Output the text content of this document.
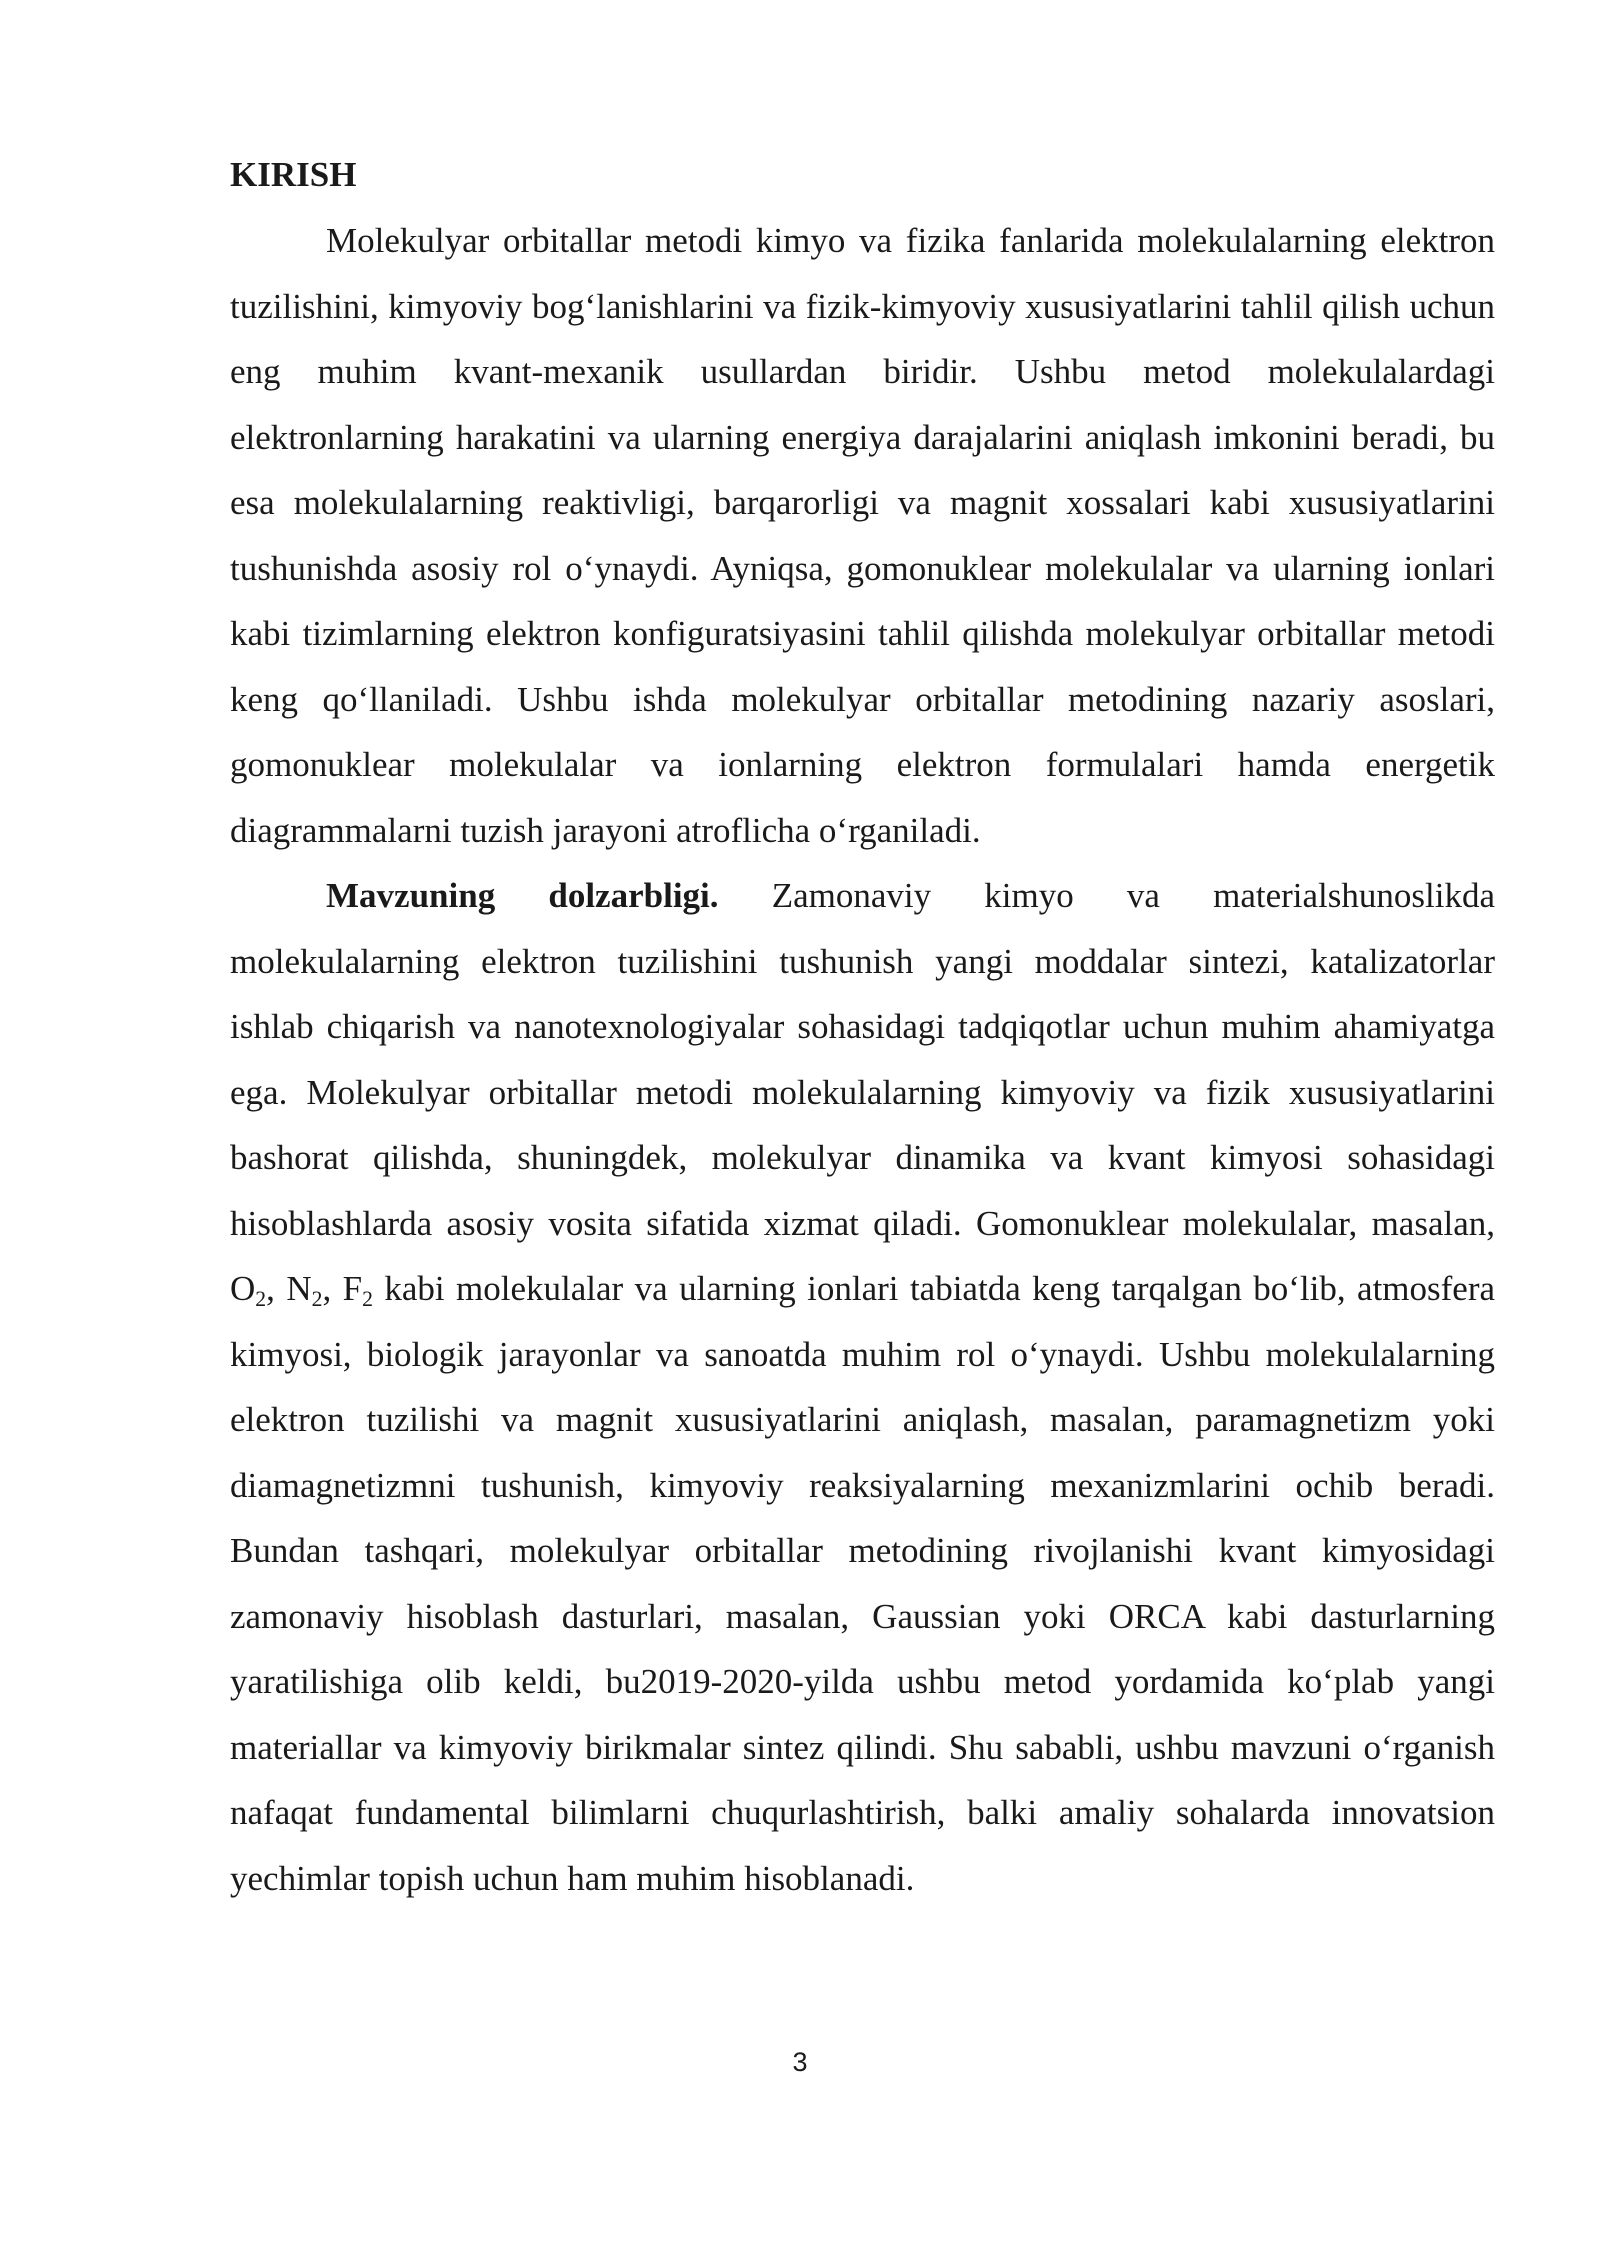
KIRISH

Molekulyar orbitallar metodi kimyo va fizika fanlarida molekulalarning elektron tuzilishini, kimyoviy bog‘lanishlarini va fizik-kimyoviy xususiyatlarini tahlil qilish uchun eng muhim kvant-mexanik usullardan biridir. Ushbu metod molekulalardagi elektronlarning harakatini va ularning energiya darajalarini aniqlash imkonini beradi, bu esa molekulalarning reaktivligi, barqarorligi va magnit xossalari kabi xususiyatlarini tushunishda asosiy rol o‘ynaydi. Ayniqsa, gomonuklear molekulalar va ularning ionlari kabi tizimlarning elektron konfiguratsiyasini tahlil qilishda molekulyar orbitallar metodi keng qo‘llaniladi. Ushbu ishda molekulyar orbitallar metodining nazariy asoslari, gomonuklear molekulalar va ionlarning elektron formulalari hamda energetik diagrammalarni tuzish jarayoni atroflicha o‘rganiladi.

Mavzuning dolzarbligi. Zamonaviy kimyo va materialshunoslikda molekulalarning elektron tuzilishini tushunish yangi moddalar sintezi, katalizatorlar ishlab chiqarish va nanotexnologiyalar sohasidagi tadqiqotlar uchun muhim ahamiyatga ega. Molekulyar orbitallar metodi molekulalarning kimyoviy va fizik xususiyatlarini bashorat qilishda, shuningdek, molekulyar dinamika va kvant kimyosi sohasidagi hisoblashlarda asosiy vosita sifatida xizmat qiladi. Gomonuklear molekulalar, masalan, $O_2$, $N_2$, $F_2$ kabi molekulalar va ularning ionlari tabiatda keng tarqalgan bo‘lib, atmosfera kimyosi, biologik jarayonlar va sanoatda muhim rol o‘ynaydi. Ushbu molekulalarning elektron tuzilishi va magnit xususiyatlarini aniqlash, masalan, paramagnetizm yoki diamagnetizmni tushunish, kimyoviy reaksiyalarning mexanizmlarini ochib beradi. Bundan tashqari, molekulyar orbitallar metodining rivojlanishi kvant kimyosidagi zamonaviy hisoblash dasturlari, masalan, Gaussian yoki ORCA kabi dasturlarning yaratilishiga olib keldi, bu2019-2020-yilda ushbu metod yordamida ko‘plab yangi materiallar va kimyoviy birikmalar sintez qilindi. Shu sababli, ushbu mavzuni o‘rganish nafaqat fundamental bilimlarni chuqurlashtirish, balki amaliy sohalarda innovatsion yechimlar topish uchun ham muhim hisoblanadi.

3
